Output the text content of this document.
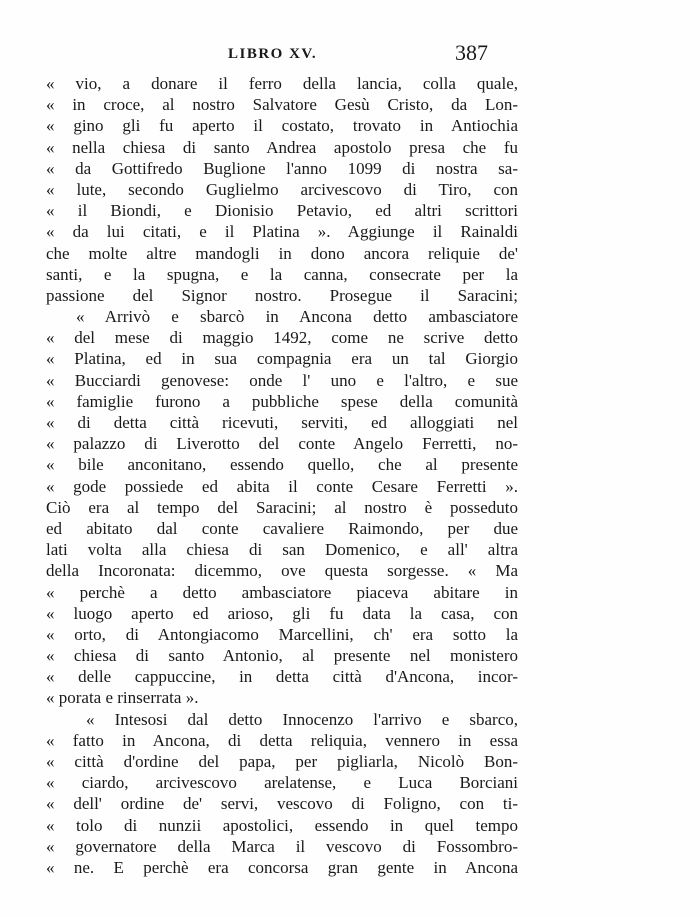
LIBRO XV.	387
« vio, a donare il ferro della lancia, colla quale,
« in croce, al nostro Salvatore Gesù Cristo, da Lon-
« gino gli fu aperto il costato, trovato in Antiochia
« nella chiesa di santo Andrea apostolo presa che fu
« da Gottifredo Buglione l'anno 1099 di nostra sa-
« lute, secondo Guglielmo arcivescovo di Tiro, con
« il Biondi, e Dionisio Petavio, ed altri scrittori
« da lui citati, e il Platina ». Aggiunge il Rainaldi
che molte altre mandogli in dono ancora reliquie de'
santi, e la spugna, e la canna, consecrate per la
passione del Signor nostro. Prosegue il Saracini;
« Arrivò e sbarcò in Ancona detto ambasciatore
« del mese di maggio 1492, come ne scrive detto
« Platina, ed in sua compagnia era un tal Giorgio
« Bucciardi genovese: onde l' uno e l'altro, e sue
« famiglie furono a pubbliche spese della comunità
« di detta città ricevuti, serviti, ed alloggiati nel
« palazzo di Liverotto del conte Angelo Ferretti, no-
« bile anconitano, essendo quello, che al presente
« gode possiede ed abita il conte Cesare Ferretti ».
Ciò era al tempo del Saracini; al nostro è posseduto
ed abitato dal conte cavaliere Raimondo, per due
lati volta alla chiesa di san Domenico, e all' altra
della Incoronata: dicemmo, ove questa sorgesse. « Ma
« perchè a detto ambasciatore piaceva abitare in
« luogo aperto ed arioso, gli fu data la casa, con
« orto, di Antongiacomo Marcellini, ch' era sotto la
« chiesa di santo Antonio, al presente nel monistero
« delle cappuccine, in detta città d'Ancona, incor-
« porata e rinserrata ».
« Intesosi dal detto Innocenzo l'arrivo e sbarco,
« fatto in Ancona, di detta reliquia, vennero in essa
« città d'ordine del papa, per pigliarla, Nicolò Bon-
« ciardo, arcivescovo arelatense, e Luca Borciani
« dell' ordine de' servi, vescovo di Foligno, con ti-
« tolo di nunzii apostolici, essendo in quel tempo
« governatore della Marca il vescovo di Fossombro-
« ne. E perchè era concorsa gran gente in Ancona
